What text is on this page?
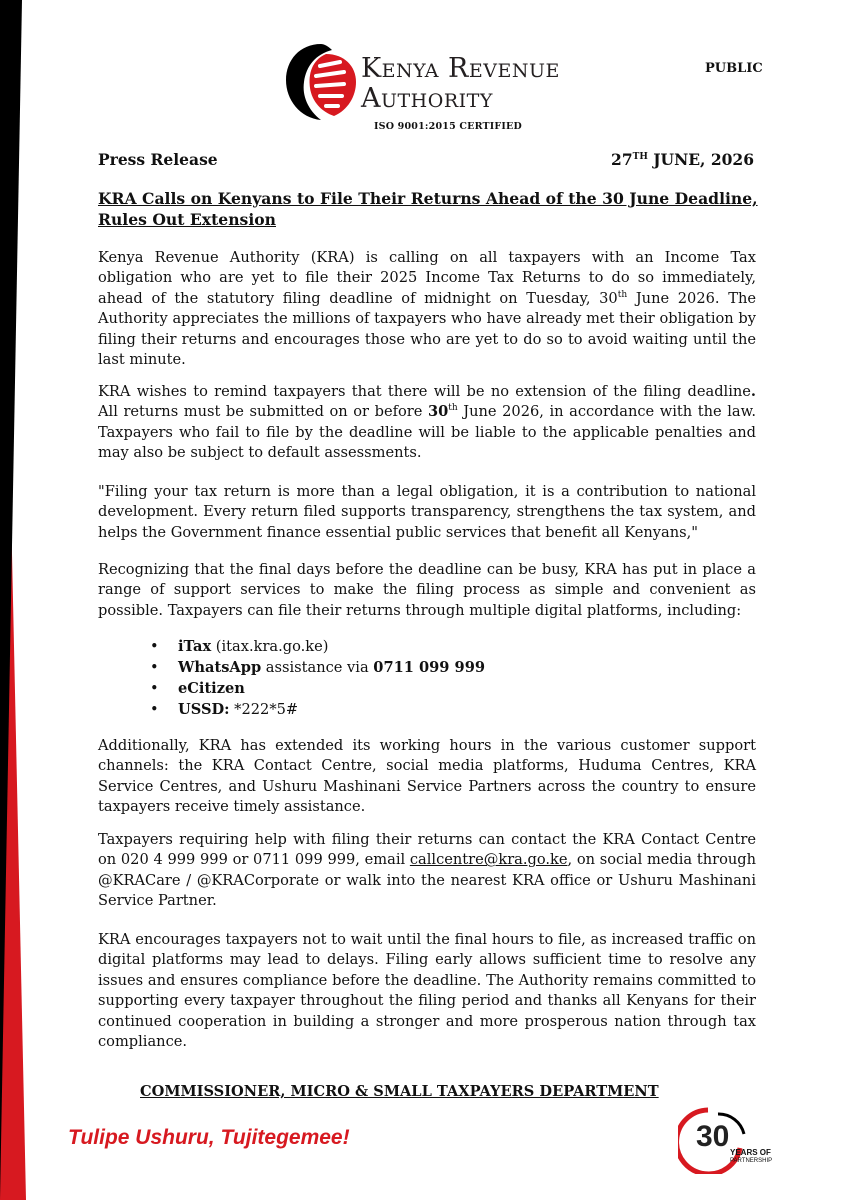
Kenya Revenue
Authority
ISO 9001:2015 CERTIFIED
PUBLIC
Press Release	27TH JUNE, 2026
KRA Calls on Kenyans to File Their Returns Ahead of the 30 June Deadline,
Rules Out Extension

Kenya Revenue Authority (KRA) is calling on all taxpayers with an Income Tax obligation who are yet to file their 2025 Income Tax Returns to do so immediately, ahead of the statutory filing deadline of midnight on Tuesday, 30th June 2026. The Authority appreciates the millions of taxpayers who have already met their obligation by filing their returns and encourages those who are yet to do so to avoid waiting until the last minute.

KRA wishes to remind taxpayers that there will be no extension of the filing deadline. All returns must be submitted on or before 30th June 2026, in accordance with the law. Taxpayers who fail to file by the deadline will be liable to the applicable penalties and may also be subject to default assessments.

"Filing your tax return is more than a legal obligation, it is a contribution to national development. Every return filed supports transparency, strengthens the tax system, and helps the Government finance essential public services that benefit all Kenyans,"

Recognizing that the final days before the deadline can be busy, KRA has put in place a range of support services to make the filing process as simple and convenient as possible. Taxpayers can file their returns through multiple digital platforms, including:

• iTax (itax.kra.go.ke)
• WhatsApp assistance via 0711 099 999
• eCitizen
• USSD: *222*5#

Additionally, KRA has extended its working hours in the various customer support channels: the KRA Contact Centre, social media platforms, Huduma Centres, KRA Service Centres, and Ushuru Mashinani Service Partners across the country to ensure taxpayers receive timely assistance.

Taxpayers requiring help with filing their returns can contact the KRA Contact Centre on 020 4 999 999 or 0711 099 999, email callcentre@kra.go.ke, on social media through @KRACare / @KRACorporate or walk into the nearest KRA office or Ushuru Mashinani Service Partner.

KRA encourages taxpayers not to wait until the final hours to file, as increased traffic on digital platforms may lead to delays. Filing early allows sufficient time to resolve any issues and ensures compliance before the deadline. The Authority remains committed to supporting every taxpayer throughout the filing period and thanks all Kenyans for their continued cooperation in building a stronger and more prosperous nation through tax compliance.

COMMISSIONER, MICRO & SMALL TAXPAYERS DEPARTMENT
Tulipe Ushuru, Tujitegemee!	30 YEARS OF
PARTNERSHIP
